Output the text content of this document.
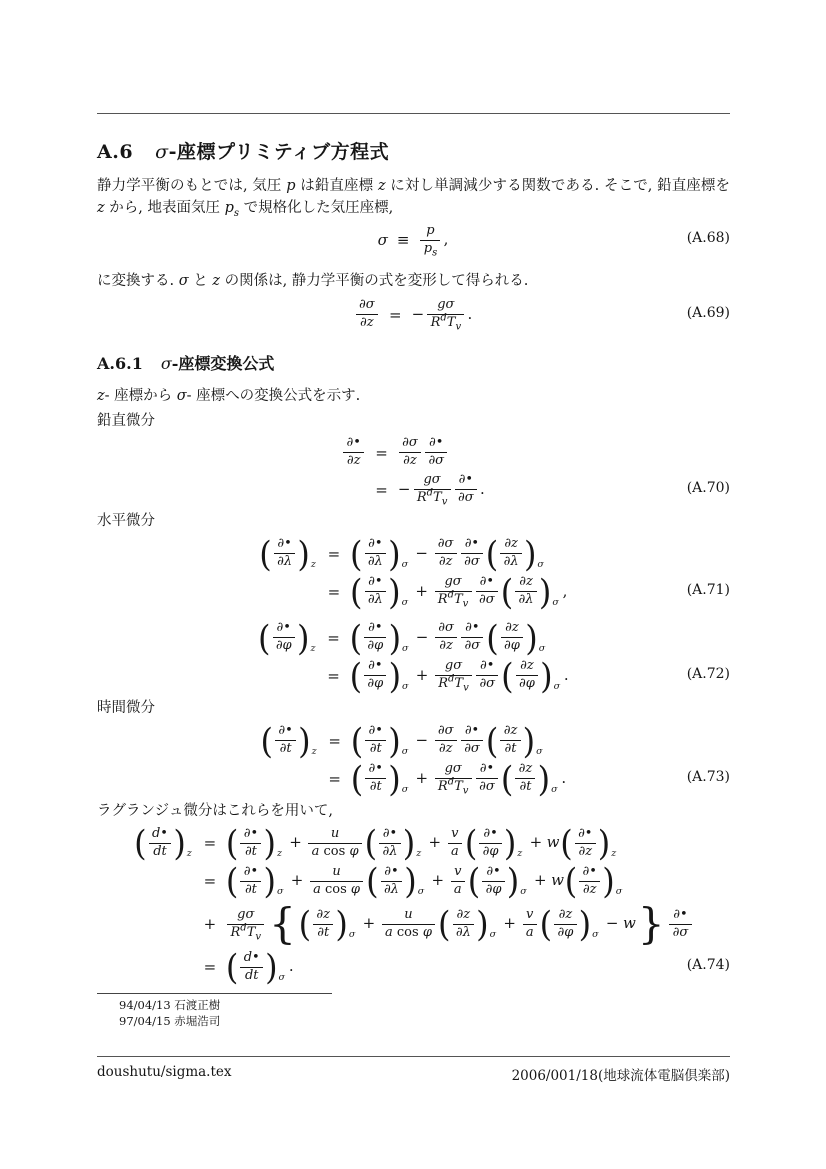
A.6 σ-座標プリミティブ方程式
静力学平衡のもとでは, 気圧 p は鉛直座標 z に対し単調減少する関数である. そこで, 鉛直座標を z から, 地表面気圧 $p_s$ で規格化した気圧座標,
σ	≡	$\frac{p}{p_s}$ ,	(A.68)
に変換する. σ と z の関係は, 静力学平衡の式を変形して得られる.
$\frac{\partial\sigma}{\partial z}$	=	−	gσ
$R^dT_v$
.	(A.69)
A.6.1 σ-座標変換公式
z- 座標から σ- 座標への変換公式を示す.
鉛直微分
∂•
∂z	=	$\frac{\partial\sigma}{\partial z}$ ∂•
∂σ

	=	−	gσ
$R^dT_v$
∂•
∂σ .	(A.70)
水平微分
( ∂•
∂λ ) z
	=	( ∂•
∂λ ) σ
− $\frac{\partial\sigma}{\partial z}$ ∂•
∂σ ( $\frac{\partial z}{\partial\lambda}$ ) σ

	=	( ∂•
∂λ ) σ
+	gσ
$R^dT_v$
∂•
∂σ ( $\frac{\partial z}{\partial\lambda}$ ) σ
,	(A.71)
( ∂•
∂φ ) z
	=	( ∂•
∂φ ) σ
− $\frac{\partial\sigma}{\partial z}$ ∂•
∂σ ( $\frac{\partial z}{\partial\varphi}$ ) σ

	=	( ∂•
∂φ ) σ
+	gσ
$R^dT_v$
∂•
∂σ ( $\frac{\partial z}{\partial\varphi}$ ) σ
.	(A.72)
時間微分
( ∂•
∂t ) z
	=	( ∂•
∂t ) σ
− $\frac{\partial\sigma}{\partial z}$ ∂•
∂σ ( $\frac{\partial z}{\partial t}$ ) σ

	=	( ∂•
∂t ) σ
+	gσ
$R^dT_v$
∂•
∂σ ( $\frac{\partial z}{\partial t}$ ) σ
.	(A.73)
ラグランジュ微分はこれらを用いて,
( $\frac{d•}{dt}$ ) z
	=	( ∂•
∂t ) z
+ $\frac{u}{\text{a cos φ}}$ ( ∂•
∂λ ) z
+ $\frac{v}{a}$ ( ∂•
∂φ ) z
+ w ( ∂•
∂z ) z

	=	( ∂•
∂t ) σ
+ $\frac{u}{\text{a cos φ}}$ ( ∂•
∂λ ) σ
+ $\frac{v}{a}$ ( ∂•
∂φ ) σ
+ w ( ∂•
∂z ) σ

	+	
gσ
$R^dT_v$ { ( $\frac{\partial z}{\partial t}$ ) σ
+ $\frac{u}{\text{a cos φ}}$ ( $\frac{\partial z}{\partial\lambda}$ ) σ
+ $\frac{v}{a}$ ( $\frac{\partial z}{\partial\varphi}$ ) σ
− w } ∂•
∂σ

	=	( $\frac{d•}{dt}$ ) σ
.	(A.74)
94/04/13 石渡正樹
97/04/15 赤堀浩司
doushutu/sigma.tex	2006/001/18(地球流体電脳倶楽部)
